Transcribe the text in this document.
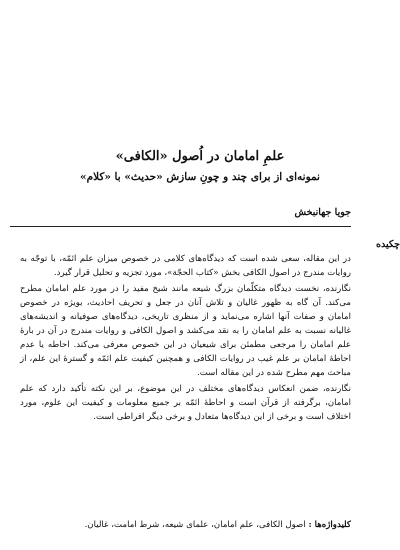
علمِ امامان در اُصول «الکافی»
نمونه‌ای از برای چند و چونِ سازش «حدیث» با «کلام»
جویا جهانبخش
چکیده

در این مقاله، سعی شده است که دیدگاه‌های کلامی در خصوص میزان علم ائمّه، با توجّه به روایات مندرج در اصول الکافی بخش «کتاب الحجّة»، مورد تجزیه و تحلیل قرار گیرد.

نگارنده، نخست دیدگاه متکلّمان بزرگ شیعه مانند شیخ مفید را در مورد علم امامان مطرح می‌کند. آن گاه به ظهور غالیان و تلاش آنان در جعل و تحریف احادیث، بویژه در خصوص امامان و صفات آنها اشاره می‌نماید و از منظری تاریخی، دیدگاه‌های صوفیانه و اندیشه‌های غالیانه نسبت به علم امامان را به نقد می‌کشد و اصول الکافی و روایات مندرج در آن در بارهٔ علم امامان را مرجعی مطمئن برای شیعیان در این خصوص معرفی می‌کند. احاطه یا عدم احاطهٔ امامان بر علم غیب در روایات الکافی و همچنین کیفیت علم ائمّه و گسترهٔ این علم، از مباحث مهم مطرح شده در این مقاله است.

نگارنده، ضمن انعکاس دیدگاه‌های مختلف در این موضوع، بر این نکته تأکید دارد که علم امامان، برگرفته از قرآن است و احاطهٔ ائمّه بر جمیع معلومات و کیفیت این علوم، مورد اختلاف است و برخی از این دیدگاه‌ها متعادل و برخی دیگر افراطی است.

کلیدواژه‌ها : اصول الکافی، علم امامان، علمای شیعه، شرط امامت، غالیان.
